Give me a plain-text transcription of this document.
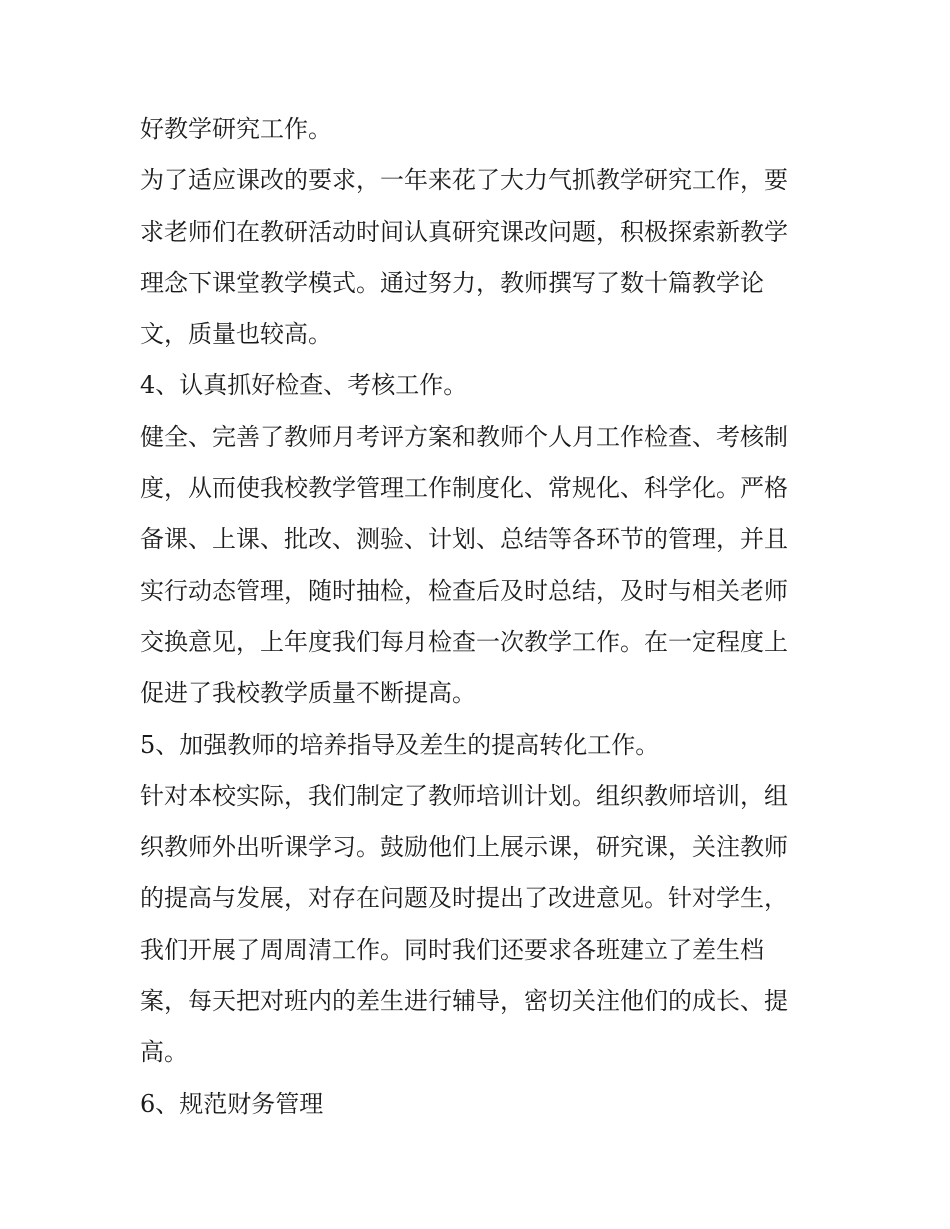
好教学研究工作。
为了适应课改的要求，一年来花了大力气抓教学研究工作，要
求老师们在教研活动时间认真研究课改问题，积极探索新教学
理念下课堂教学模式。通过努力，教师撰写了数十篇教学论
文，质量也较高。
4、认真抓好检查、考核工作。
健全、完善了教师月考评方案和教师个人月工作检查、考核制
度，从而使我校教学管理工作制度化、常规化、科学化。严格
备课、上课、批改、测验、计划、总结等各环节的管理，并且
实行动态管理，随时抽检，检查后及时总结，及时与相关老师
交换意见，上年度我们每月检查一次教学工作。在一定程度上
促进了我校教学质量不断提高。
5、加强教师的培养指导及差生的提高转化工作。
针对本校实际，我们制定了教师培训计划。组织教师培训，组
织教师外出听课学习。鼓励他们上展示课，研究课，关注教师
的提高与发展，对存在问题及时提出了改进意见。针对学生，
我们开展了周周清工作。同时我们还要求各班建立了差生档
案，每天把对班内的差生进行辅导，密切关注他们的成长、提
高。
6、规范财务管理
